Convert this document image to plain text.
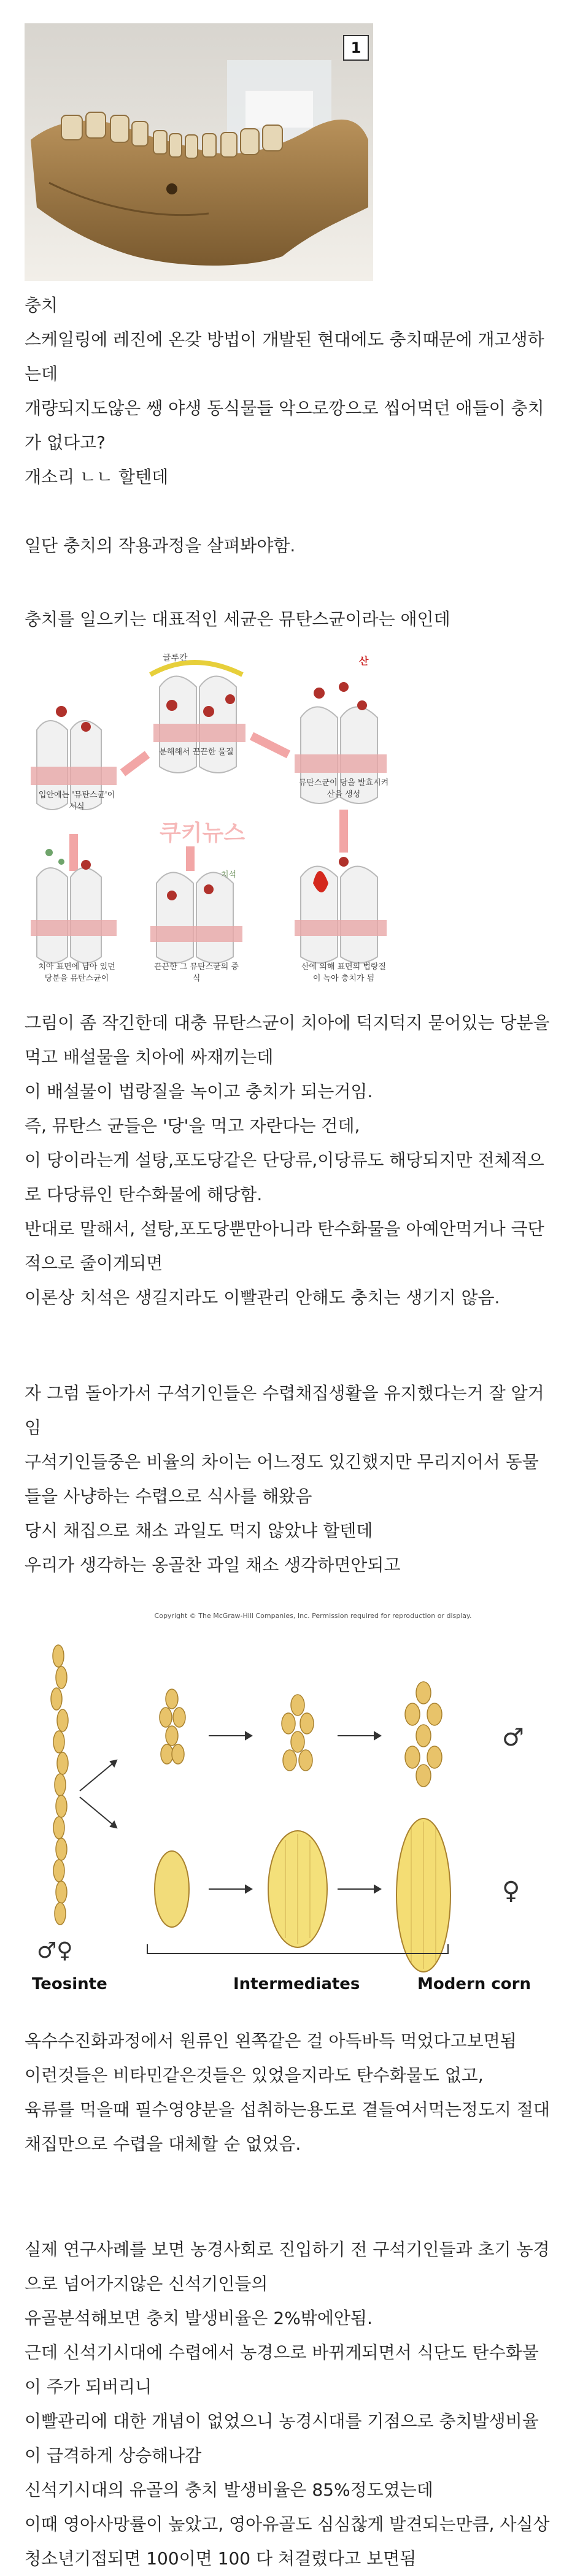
1

충치

스케일링에 레진에 온갖 방법이 개발된 현대에도 충치때문에 개고생하는데

개량되지도않은 쌩 야생 동식물들 악으로깡으로 씹어먹던 애들이 충치가 없다고?

개소리 ㄴㄴ 할텐데

일단 충치의 작용과정을 살펴봐야함.

충치를 일으키는 대표적인 세균은 뮤탄스균이라는 애인데

쿠키뉴스
입안에는 '뮤탄스균'이 서식
글루칸
분해해서 끈끈한 물질
산
뮤탄스균이 당을 발효시켜 산을 생성
치아 표면에 남아 있던 당분을 뮤탄스균이
치석
끈끈한 그 뮤탄스균의 증식
산에 의해 표면의 법랑질이 녹아 충치가 됨

그림이 좀 작긴한데 대충 뮤탄스균이 치아에 덕지덕지 묻어있는 당분을 먹고 배설물을 치아에 싸재끼는데

이 배설물이 법랑질을 녹이고 충치가 되는거임.

즉, 뮤탄스 균들은 '당'을 먹고 자란다는 건데,

이 당이라는게 설탕,포도당같은 단당류,이당류도 해당되지만 전체적으로 다당류인 탄수화물에 해당함.

반대로 말해서, 설탕,포도당뿐만아니라 탄수화물을 아예안먹거나 극단적으로 줄이게되면

이론상 치석은 생길지라도 이빨관리 안해도 충치는 생기지 않음.

자 그럼 돌아가서 구석기인들은 수렵채집생활을 유지했다는거 잘 알거임

구석기인들중은 비율의 차이는 어느정도 있긴했지만 무리지어서 동물들을 사냥하는 수렵으로 식사를 해왔음

당시 채집으로 채소 과일도 먹지 않았냐 할텐데

우리가 생각하는 옹골찬 과일 채소 생각하면안되고

Copyright © The McGraw-Hill Companies, Inc. Permission required for reproduction or display.
♂
♀
♂♀
Teosinte	Intermediates	Modern corn

옥수수진화과정에서 원류인 왼쪽같은 걸 아득바득 먹었다고보면됨

이런것들은 비타민같은것들은 있었을지라도 탄수화물도 없고,

육류를 먹을때 필수영양분을 섭취하는용도로 곁들여서먹는정도지 절대 채집만으로 수렵을 대체할 순 없었음.

실제 연구사례를 보면 농경사회로 진입하기 전 구석기인들과 초기 농경으로 넘어가지않은 신석기인들의

유골분석해보면 충치 발생비율은 2%밖에안됨.

근데 신석기시대에 수렵에서 농경으로 바뀌게되면서 식단도 탄수화물이 주가 되버리니

이빨관리에 대한 개념이 없었으니 농경시대를 기점으로 충치발생비율이 급격하게 상승해나감

신석기시대의 유골의 충치 발생비율은 85%정도였는데

이때 영아사망률이 높았고, 영아유골도 심심찮게 발견되는만큼, 사실상 청소년기접되면 100이면 100 다 쳐걸렸다고 보면됨
